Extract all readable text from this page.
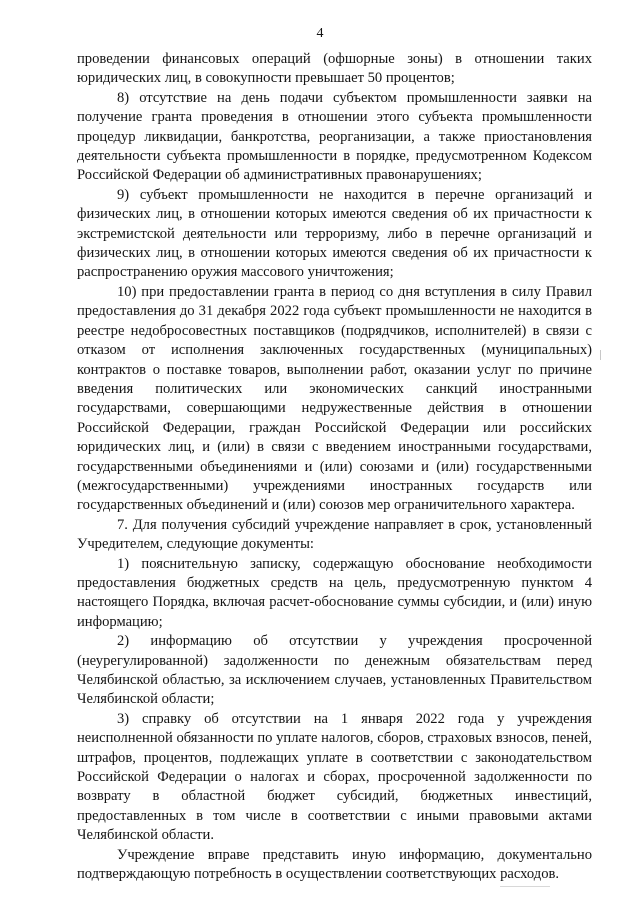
4

проведении финансовых операций (офшорные зоны) в отношении таких юридических лиц, в совокупности превышает 50 процентов;

8) отсутствие на день подачи субъектом промышленности заявки на получение гранта проведения в отношении этого субъекта промышленности процедур ликвидации, банкротства, реорганизации, а также приостановления деятельности субъекта промышленности в порядке, предусмотренном Кодексом Российской Федерации об административных правонарушениях;

9) субъект промышленности не находится в перечне организаций и физических лиц, в отношении которых имеются сведения об их причастности к экстремистской деятельности или терроризму, либо в перечне организаций и физических лиц, в отношении которых имеются сведения об их причастности к распространению оружия массового уничтожения;

10) при предоставлении гранта в период со дня вступления в силу Правил предоставления до 31 декабря 2022 года субъект промышленности не находится в реестре недобросовестных поставщиков (подрядчиков, исполнителей) в связи с отказом от исполнения заключенных государственных (муниципальных) контрактов о поставке товаров, выполнении работ, оказании услуг по причине введения политических или экономических санкций иностранными государствами, совершающими недружественные действия в отношении Российской Федерации, граждан Российской Федерации или российских юридических лиц, и (или) в связи с введением иностранными государствами, государственными объединениями и (или) союзами и (или) государственными (межгосударственными) учреждениями иностранных государств или государственных объединений и (или) союзов мер ограничительного характера.

7. Для получения субсидий учреждение направляет в срок, установленный Учредителем, следующие документы:

1) пояснительную записку, содержащую обоснование необходимости предоставления бюджетных средств на цель, предусмотренную пунктом 4 настоящего Порядка, включая расчет-обоснование суммы субсидии, и (или) иную информацию;

2) информацию об отсутствии у учреждения просроченной (неурегулированной) задолженности по денежным обязательствам перед Челябинской областью, за исключением случаев, установленных Правительством Челябинской области;

3) справку об отсутствии на 1 января 2022 года у учреждения неисполненной обязанности по уплате налогов, сборов, страховых взносов, пеней, штрафов, процентов, подлежащих уплате в соответствии с законодательством Российской Федерации о налогах и сборах, просроченной задолженности по возврату в областной бюджет субсидий, бюджетных инвестиций, предоставленных в том числе в соответствии с иными правовыми актами Челябинской области.

Учреждение вправе представить иную информацию, документально подтверждающую потребность в осуществлении соответствующих расходов.
